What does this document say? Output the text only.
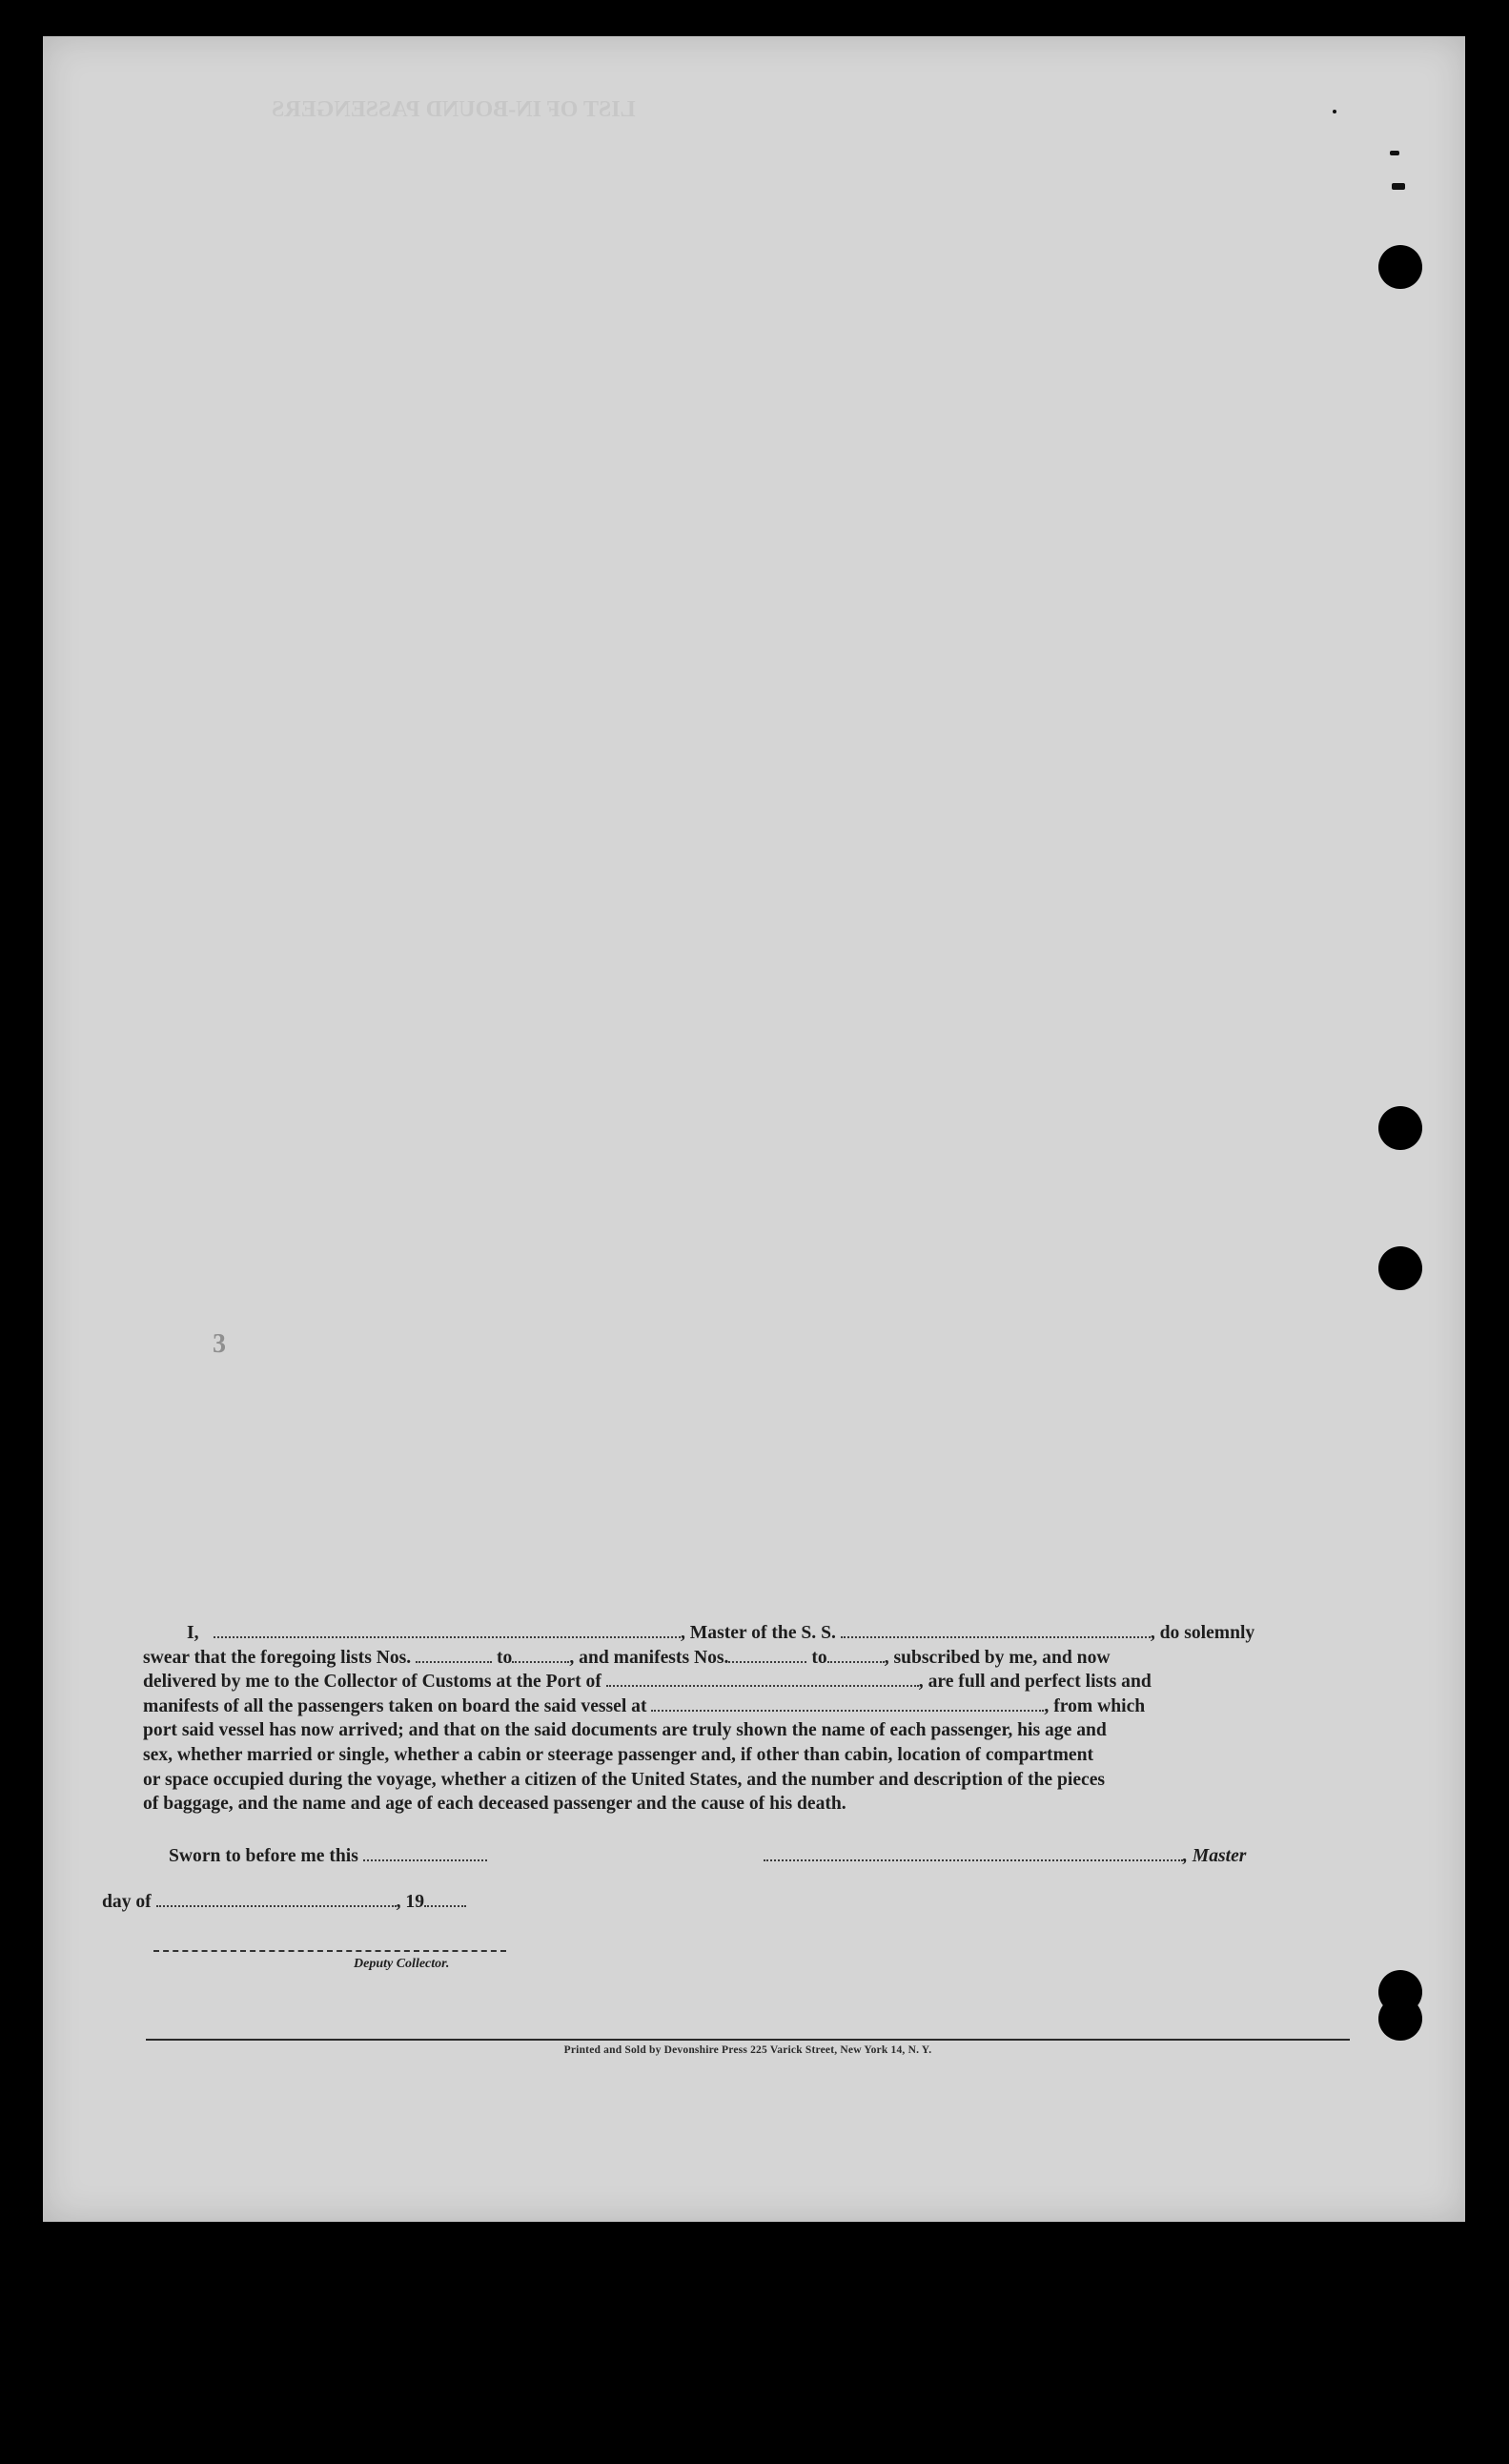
LIST OF IN-BOUND PASSENGERS
3

I,	, Master of the S. S.	, do solemnly

swear that the foregoing lists Nos.	to	, and manifests Nos.	to	, subscribed by me, and now

delivered by me to the Collector of Customs at the Port of	, are full and perfect lists and

manifests of all the passengers taken on board the said vessel at	, from which

port said vessel has now arrived; and that on the said documents are truly shown the name of each passenger, his age and

sex, whether married or single, whether a cabin or steerage passenger and, if other than cabin, location of compartment

or space occupied during the voyage, whether a citizen of the United States, and the number and description of the pieces

of baggage, and the name and age of each deceased passenger and the cause of his death.

Sworn to before me this	, Master
day of	, 19
Deputy Collector.
Printed and Sold by Devonshire Press 225 Varick Street, New York 14, N. Y.
